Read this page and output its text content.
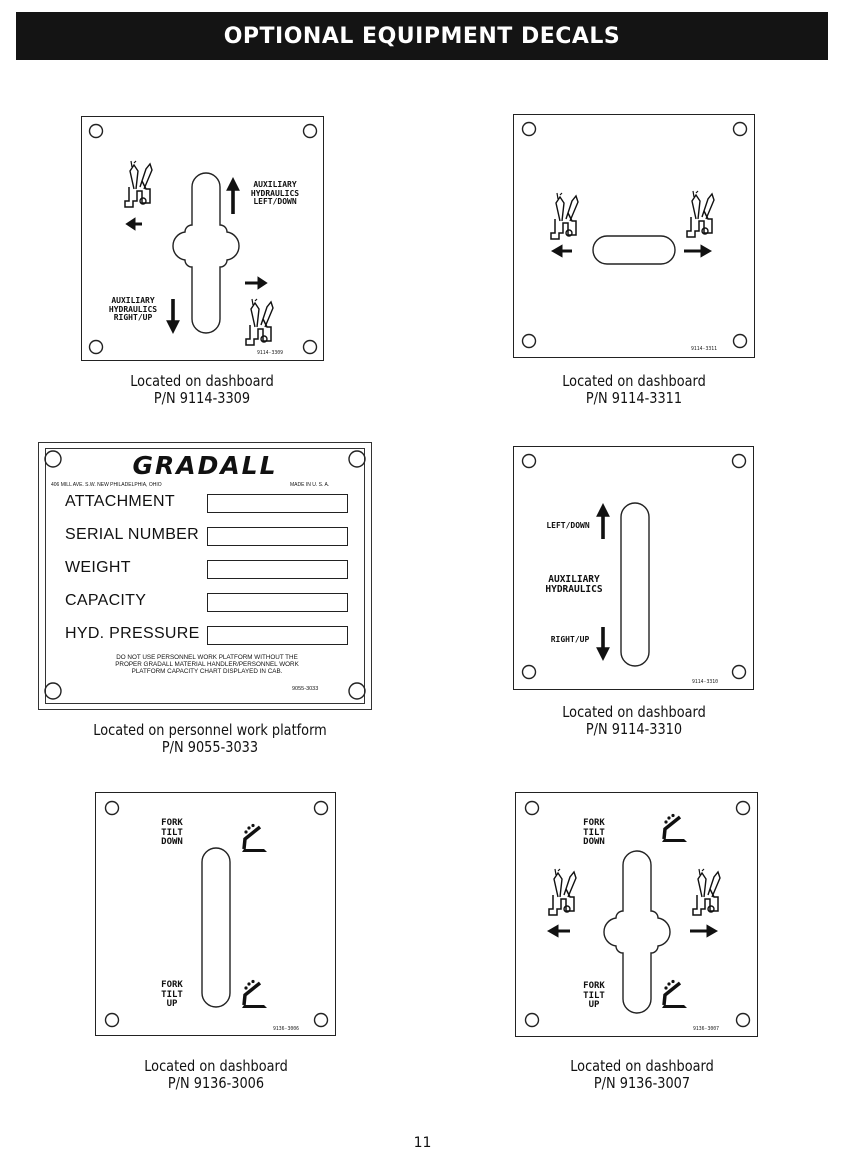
OPTIONAL EQUIPMENT DECALS
AUXILIARY
HYDRAULICS
LEFT/DOWN
AUXILIARY
HYDRAULICS
RIGHT/UP
9114-3309
Located on dashboard
P/N 9114-3309
9114-3311
Located on dashboard
P/N 9114-3311
GRADALL
406 MILL AVE. S.W. NEW PHILADELPHIA, OHIO	MADE IN U. S. A.
ATTACHMENT
SERIAL NUMBER
WEIGHT
CAPACITY
HYD. PRESSURE
DO NOT USE PERSONNEL WORK PLATFORM WITHOUT THE
PROPER GRADALL MATERIAL HANDLER/PERSONNEL WORK
PLATFORM CAPACITY CHART DISPLAYED IN CAB.
9055-3033
Located on personnel work platform
P/N 9055-3033
LEFT/DOWN
AUXILIARY
HYDRAULICS
RIGHT/UP
9114-3310
Located on dashboard
P/N 9114-3310
FORK
TILT
DOWN
FORK
TILT
UP
9136-3006
Located on dashboard
P/N 9136-3006
FORK
TILT
DOWN
FORK
TILT
UP
9136-3007
Located on dashboard
P/N 9136-3007
11
